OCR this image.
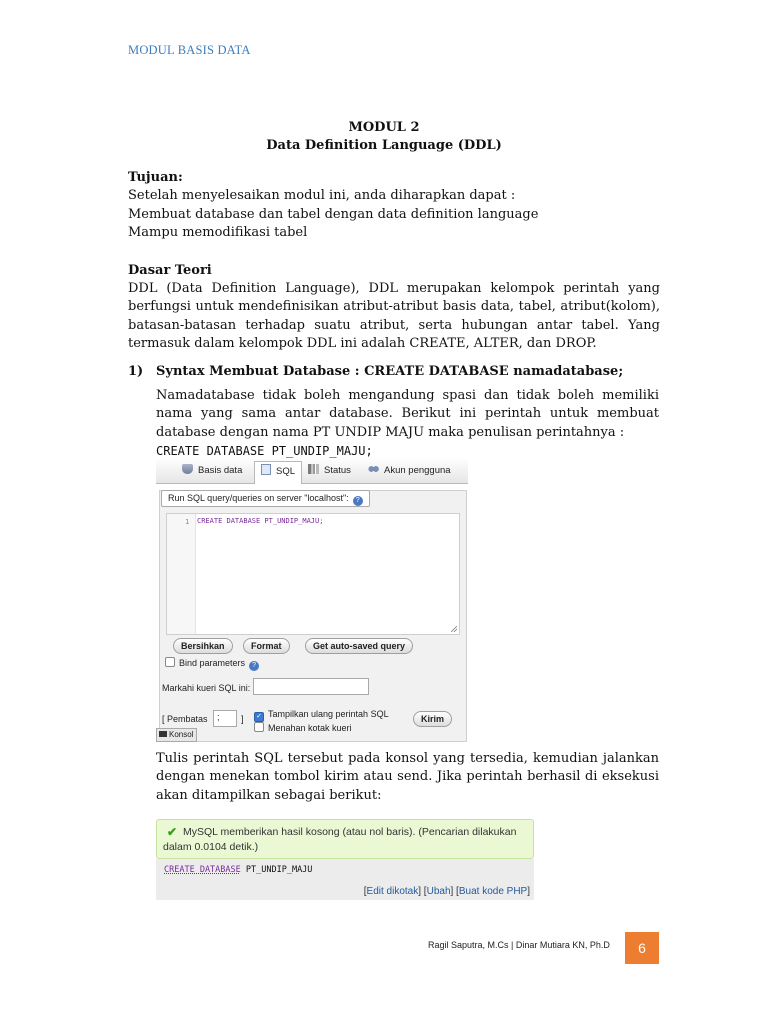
MODUL BASIS DATA
MODUL 2
Data Definition Language (DDL)
Tujuan:
Setelah menyelesaikan modul ini, anda diharapkan dapat :
Membuat database dan tabel dengan data definition language
Mampu memodifikasi tabel
Dasar Teori
DDL (Data Definition Language), DDL merupakan kelompok perintah yang berfungsi untuk mendefinisikan atribut-atribut basis data, tabel, atribut(kolom), batasan-batasan terhadap suatu atribut, serta hubungan antar tabel. Yang termasuk dalam kelompok DDL ini adalah CREATE, ALTER, dan DROP.
1) Syntax Membuat Database : CREATE DATABASE namadatabase;
Namadatabase tidak boleh mengandung spasi dan tidak boleh memiliki nama yang sama antar database. Berikut ini perintah untuk membuat database dengan nama PT UNDIP MAJU maka penulisan perintahnya :
CREATE DATABASE PT_UNDIP_MAJU;
Basis data	SQL	Status	Akun pengguna
Run SQL query/queries on server "localhost": ?
1 CREATE DATABASE PT_UNDIP_MAJU;
Bersihkan	Format	Get auto-saved query
Bind parameters ?
Markahi kueri SQL ini:
[ Pembatas ; ] ✓ Tampilkan ulang perintah SQL
Menahan kotak kueri
Kirim
Konsol
Tulis perintah SQL tersebut pada konsol yang tersedia, kemudian jalankan dengan menekan tombol kirim atau send. Jika perintah berhasil di eksekusi akan ditampilkan sebagai berikut:
✔ MySQL memberikan hasil kosong (atau nol baris). (Pencarian dilakukan
dalam 0.0104 detik.)
CREATE DATABASE PT_UNDIP_MAJU
[Edit dikotak] [Ubah] [Buat kode PHP]
Ragil Saputra, M.Cs | Dinar Mutiara KN, Ph.D	6
